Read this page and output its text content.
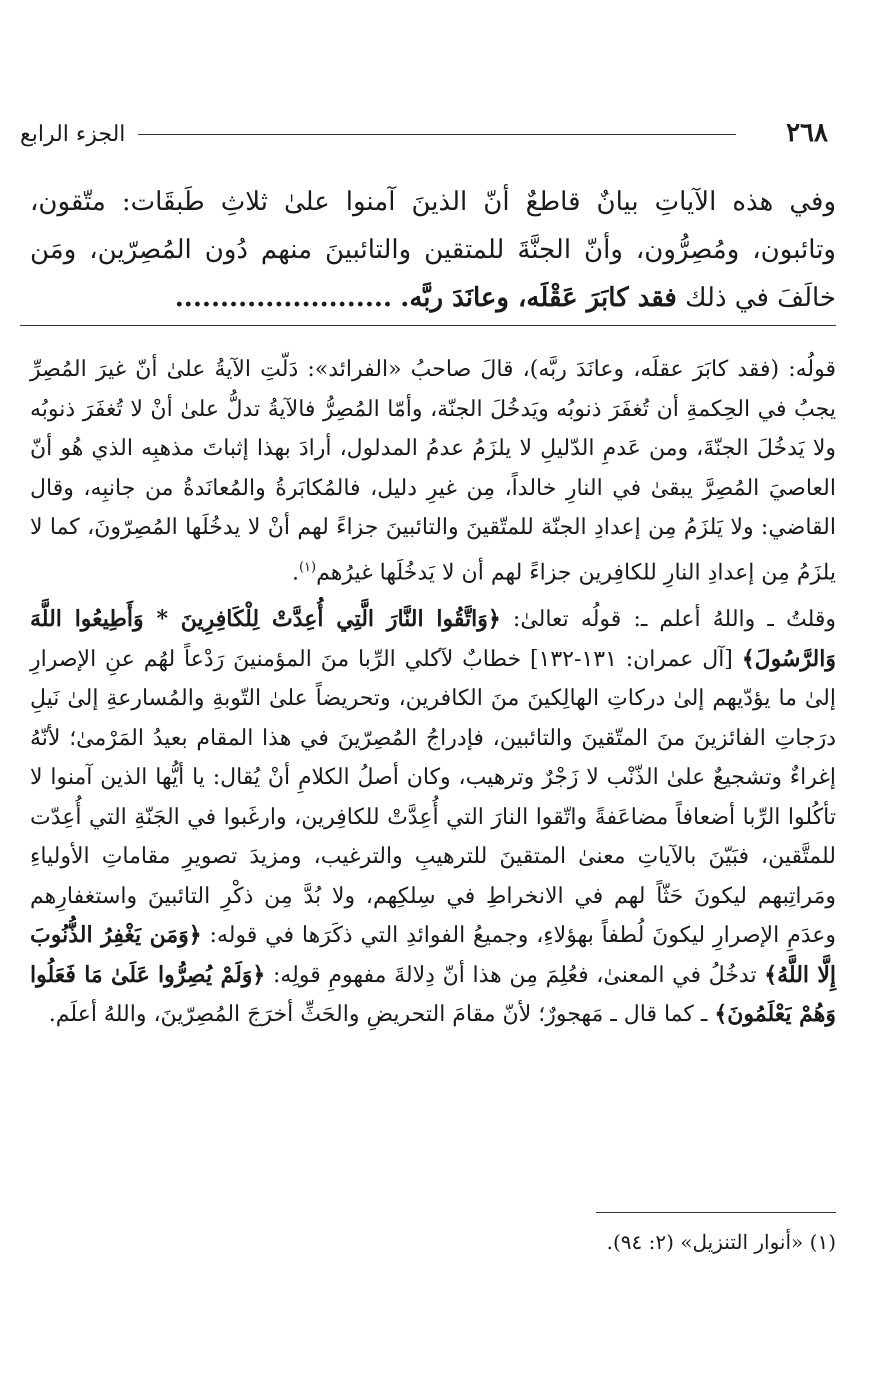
٢٦٨
الجزء الرابع
وفي هذه الآياتِ بيانٌ قاطعٌ أنّ الذينَ آمنوا علىٰ ثلاثِ طَبقَات: متّقون، وتائبون، ومُصِرُّون، وأنّ الجنَّةَ للمتقين والتائبينَ منهم دُون المُصِرّين، ومَن خالَفَ في ذلك فقد كابَرَ عَقْلَه، وعانَدَ ربَّه. ........................

قولُه: (فقد كابَرَ عقلَه، وعانَدَ ربَّه)، قالَ صاحبُ «الفرائد»: دَلّتِ الآيةُ علىٰ أنّ غيرَ المُصِرِّ يجبُ في الحِكمةِ أن تُغفَرَ ذنوبُه ويَدخُلَ الجنّة، وأمّا المُصِرُّ فالآيةُ تدلُّ علىٰ أنْ لا تُغفَرَ ذنوبُه ولا يَدخُلَ الجنّةَ، ومن عَدمِ الدّليلِ لا يلزَمُ عدمُ المدلول، أرادَ بهذا إثباتَ مذهبِه الذي هُو أنّ العاصيَ المُصِرَّ يبقىٰ في النارِ خالداً، مِن غيرِ دليل، فالمُكابَرةُ والمُعانَدةُ من جانبِه، وقال القاضي: ولا يَلزَمُ مِن إعدادِ الجنّة للمتّقينَ والتائبينَ جزاءً لهم أنْ لا يدخُلَها المُصِرّونَ، كما لا يلزَمُ مِن إعدادِ النارِ للكافِرين جزاءً لهم أن لا يَدخُلَها غيرُهم$^{(١)}$.

وقلتُ ـ واللهُ أعلم ـ: قولُه تعالىٰ: ﴿وَاتَّقُوا النَّارَ الَّتِي أُعِدَّتْ لِلْكَافِرِينَ * وَأَطِيعُوا اللَّهَ وَالرَّسُولَ﴾ [آل عمران: ١٣١-١٣٢] خطابٌ لآكلي الرِّبا منَ المؤمنينَ رَدْعاً لهُم عنِ الإصرارِ إلىٰ ما يؤدّيهم إلىٰ دركاتِ الهالِكينَ منَ الكافرين، وتحريضاً علىٰ التّوبةِ والمُسارعةِ إلىٰ نَيلِ درَجاتِ الفائزينَ منَ المتّقينَ والتائبين، فإدراجُ المُصِرّينَ في هذا المقام بعيدُ المَرْمىٰ؛ لأنّهُ إغراءٌ وتشجيعٌ علىٰ الذّنْب لا زَجْرٌ وترهيب، وكان أصلُ الكلامِ أنْ يُقال: يا أيُّها الذين آمنوا لا تأكُلوا الرِّبا أضعافاً مضاعَفةً واتّقوا النارَ التي أُعِدَّتْ للكافِرين، وارغَبوا في الجَنّةِ التي أُعِدّت للمتَّقين، فبَيّنَ بالآياتِ معنىٰ المتقينَ للترهيبِ والترغيب، ومزيدَ تصويرِ مقاماتِ الأولياءِ ومَراتِبهم ليكونَ حَثّاً لهم في الانخراطِ في سِلكِهم، ولا بُدَّ مِن ذكْرِ التائبينَ واستغفارِهم وعدَمِ الإصرارِ ليكونَ لُطفاً بهؤلاءِ، وجميعُ الفوائدِ التي ذكَرَها في قوله: ﴿وَمَن يَغْفِرُ الذُّنُوبَ إِلَّا اللَّهُ﴾ تدخُلُ في المعنىٰ، فعُلِمَ مِن هذا أنّ دِلالةَ مفهومِ قولِه: ﴿وَلَمْ يُصِرُّوا عَلَىٰ مَا فَعَلُوا وَهُمْ يَعْلَمُونَ﴾ ـ كما قال ـ مَهجورٌ؛ لأنّ مقامَ التحريضِ والحَثِّ أخرَجَ المُصِرّينَ، واللهُ أعلَم.

(١) «أنوار التنزيل» (٢: ٩٤).
